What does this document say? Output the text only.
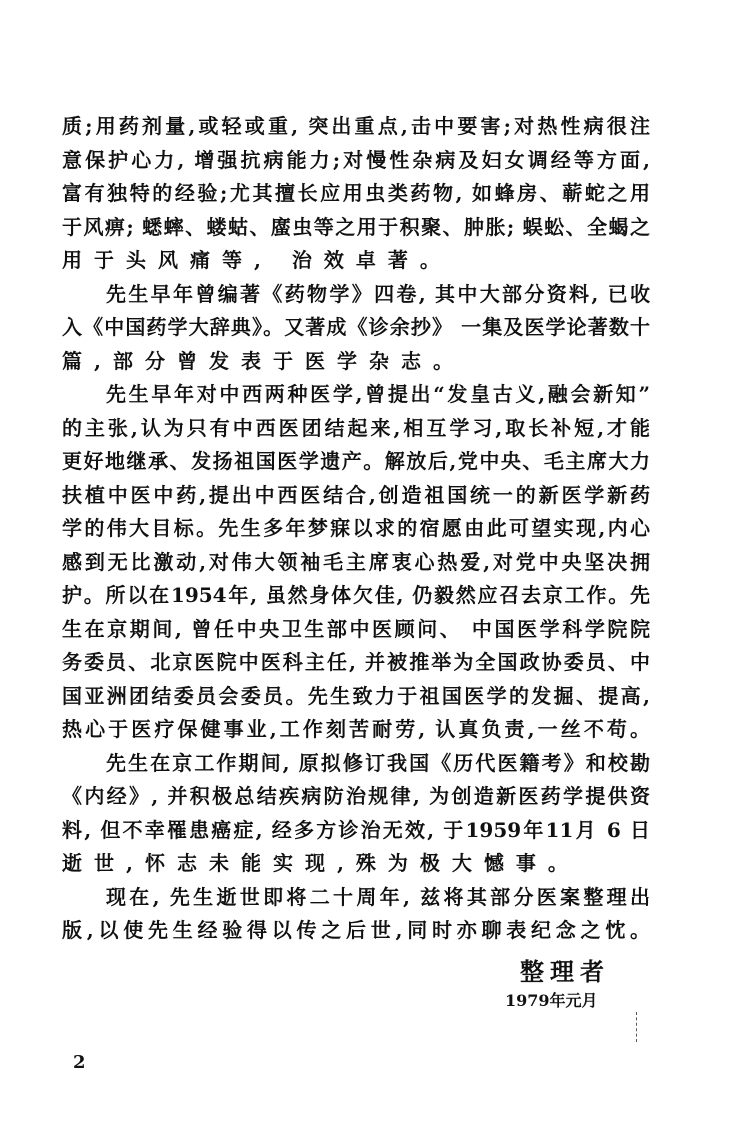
质;用药剂量,或轻或重, 突出重点,击中要害;对热性病很注
意保护心力, 增强抗病能力;对慢性杂病及妇女调经等方面,
富有独特的经验;尤其擅长应用虫类药物, 如蜂房、蕲蛇之用
于风痹; 蟋蟀、蝼蛄、䗪虫等之用于积聚、肿胀; 蜈蚣、全蝎之
用于头风痛等, 治效卓著。
先生早年曾编著《药物学》四卷, 其中大部分资料, 已收
入《中国药学大辞典》。又著成《诊余抄》 一集及医学论著数十
篇,部分曾发表于医学杂志。
先生早年对中西两种医学,曾提出“发皇古义,融会新知”
的主张,认为只有中西医团结起来,相互学习,取长补短,才能
更好地继承、发扬祖国医学遗产。解放后,党中央、毛主席大力
扶植中医中药,提出中西医结合,创造祖国统一的新医学新药
学的伟大目标。先生多年梦寐以求的宿愿由此可望实现,内心
感到无比激动,对伟大领袖毛主席衷心热爱,对党中央坚决拥
护。所以在1954年, 虽然身体欠佳, 仍毅然应召去京工作。先
生在京期间, 曾任中央卫生部中医顾问、 中国医学科学院院
务委员、北京医院中医科主任, 并被推举为全国政协委员、中
国亚洲团结委员会委员。先生致力于祖国医学的发掘、提高,
热心于医疗保健事业,工作刻苦耐劳, 认真负责,一丝不苟。
先生在京工作期间, 原拟修订我国《历代医籍考》和校勘
《内经》, 并积极总结疾病防治规律, 为创造新医药学提供资
料, 但不幸罹患癌症, 经多方诊治无效, 于1959年11月 6 日
逝世,怀志未能实现,殊为极大憾事。
现在, 先生逝世即将二十周年, 兹将其部分医案整理出
版,以使先生经验得以传之后世,同时亦聊表纪念之忱。
整理者
1979年元月
2
